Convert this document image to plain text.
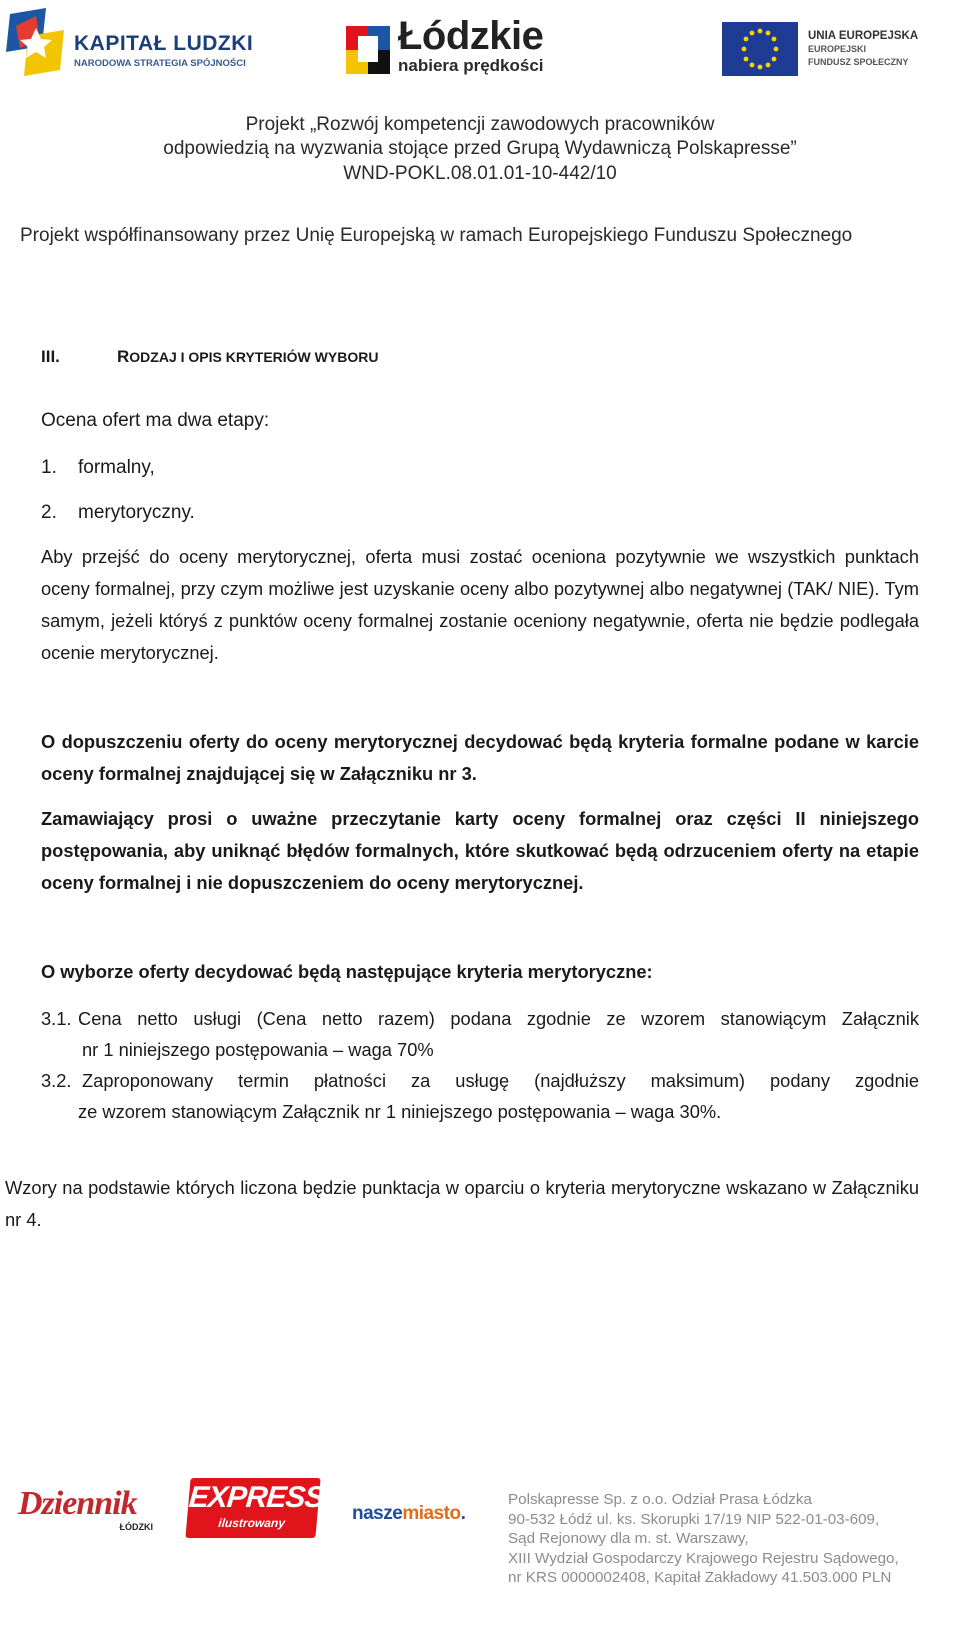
KAPITAŁ LUDZKI
NARODOWA STRATEGIA SPÓJNOŚCI
Łódzkie
nabiera prędkości
UNIA EUROPEJSKA
EUROPEJSKI
FUNDUSZ SPOŁECZNY
Projekt „Rozwój kompetencji zawodowych pracowników
odpowiedzią na wyzwania stojące przed Grupą Wydawniczą Polskapresse”
WND-POKL.08.01.01-10-442/10
Projekt współfinansowany przez Unię Europejską w ramach Europejskiego Funduszu Społecznego
III.	RODZAJ I OPIS KRYTERIÓW WYBORU
Ocena ofert ma dwa etapy:
1. formalny,
2. merytoryczny.
Aby przejść do oceny merytorycznej, oferta musi zostać oceniona pozytywnie we wszystkich punktach oceny formalnej, przy czym możliwe jest uzyskanie oceny albo pozytywnej albo negatywnej (TAK/ NIE). Tym samym, jeżeli któryś z punktów oceny formalnej zostanie oceniony negatywnie, oferta nie będzie podlegała ocenie merytorycznej.
O dopuszczeniu oferty do oceny merytorycznej decydować będą kryteria formalne podane w karcie oceny formalnej znajdującej się w Załączniku nr 3.
Zamawiający prosi o uważne przeczytanie karty oceny formalnej oraz części II niniejszego postępowania, aby uniknąć błędów formalnych, które skutkować będą odrzuceniem oferty na etapie oceny formalnej i nie dopuszczeniem do oceny merytorycznej.
O wyborze oferty decydować będą następujące kryteria merytoryczne:
3.1. Cena netto usługi (Cena netto razem) podana zgodnie ze wzorem stanowiącym Załącznik
nr 1 niniejszego postępowania – waga 70%
3.2. Zaproponowany termin płatności za usługę (najdłuższy maksimum) podany zgodnie
ze wzorem stanowiącym Załącznik nr 1 niniejszego postępowania – waga 30%.
Wzory na podstawie których liczona będzie punktacja w oparciu o kryteria merytoryczne wskazano w Załączniku nr 4.
Dziennik
ŁÓDZKI
EXPRESS
ilustrowany	naszemiasto.
Polskapresse Sp. z o.o. Odział Prasa Łódzka
90-532 Łódź ul. ks. Skorupki 17/19 NIP 522-01-03-609,
Sąd Rejonowy dla m. st. Warszawy,
XIII Wydział Gospodarczy Krajowego Rejestru Sądowego,
nr KRS 0000002408, Kapitał Zakładowy 41.503.000 PLN
